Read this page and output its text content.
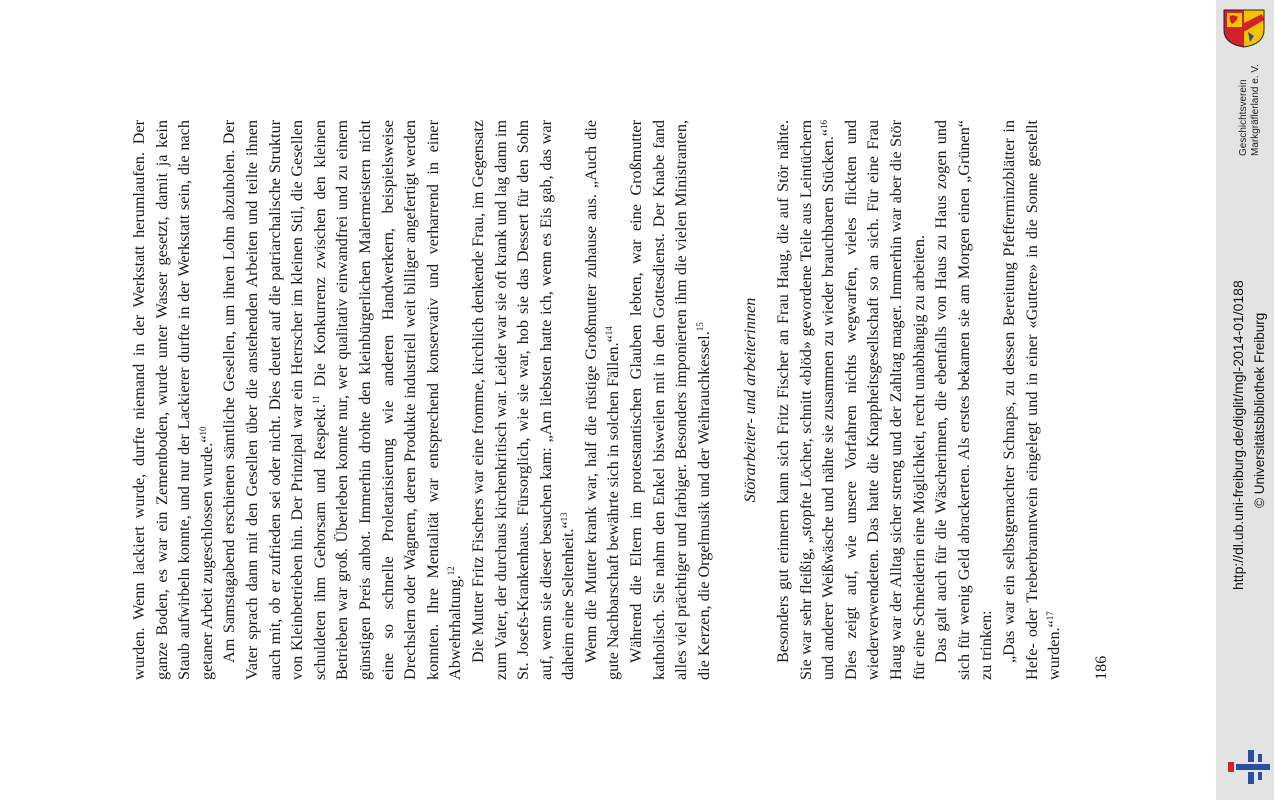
wurden. Wenn lackiert wurde, durfte niemand in der Werkstatt herumlaufen. Der ganze Boden, es war ein Zementboden, wurde unter Wasser gesetzt, damit ja kein Staub aufwirbeln konnte, und nur der Lackierer durfte in der Werkstatt sein, die nach getaner Arbeit zugeschlossen wurde.“$^{10}$ Am Samstagabend erschienen sämtliche Gesellen, um ihren Lohn abzuholen. Der Vater sprach dann mit den Gesellen über die anstehenden Arbeiten und teilte ihnen auch mit, ob er zufrieden sei oder nicht. Dies deutet auf die patriarchalische Struktur von Kleinbetrieben hin. Der Prinzipal war ein Herrscher im kleinen Stil, die Gesellen schuldeten ihm Gehorsam und Respekt.$^{11}$ Die Konkurrenz zwischen den kleinen Betrieben war groß. Überleben konnte nur, wer qualitativ einwandfrei und zu einem günstigen Preis anbot. Immerhin drohte den kleinbürgerlichen Malermeistern nicht eine so schnelle Proletarisierung wie anderen Handwerkern, beispielsweise Drechslern oder Wagnern, deren Produkte industriell weit billiger angefertigt werden konnten. Ihre Mentalität war entsprechend konservativ und verharrend in einer Abwehrhaltung.$^{12}$ Die Mutter Fritz Fischers war eine fromme, kirchlich denkende Frau, im Gegensatz zum Vater, der durchaus kirchenkritisch war. Leider war sie oft krank und lag dann im St. Josefs-Krankenhaus. Fürsorglich, wie sie war, hob sie das Dessert für den Sohn auf, wenn sie dieser besuchen kam: „Am liebsten hatte ich, wenn es Eis gab, das war daheim eine Seltenheit.“$^{13}$ Wenn die Mutter krank war, half die rüstige Großmutter zuhause aus. „Auch die gute Nachbarschaft bewährte sich in solchen Fällen.“$^{14}$ Während die Eltern im protestantischen Glauben lebten, war eine Großmutter katholisch. Sie nahm den Enkel bisweilen mit in den Gottesdienst. Der Knabe fand alles viel prächtiger und farbiger. Besonders imponierten ihm die vielen Ministranten, die Kerzen, die Orgelmusik und der Weihrauchkessel.$^{15}$	Störarbeiter- und arbeiterinnen Besonders gut erinnern kann sich Fritz Fischer an Frau Haug, die auf Stör nähte. Sie war sehr fleißig, „stopfte Löcher, schnitt «blöd» gewordene Teile aus Leintüchern und anderer Weißwäsche und nähte sie zusammen zu wieder brauchbaren Stücken.“$^{16}$ Dies zeigt auf, wie unsere Vorfahren nichts wegwarfen, vieles flickten und wiederverwendeten. Das hatte die Knappheitsgesellschaft so an sich. Für eine Frau Haug war der Alltag sicher streng und der Zahltag mager. Immerhin war aber die Stör für eine Schneiderin eine Möglichkeit, recht unabhängig zu arbeiten. Das galt auch für die Wäscherinnen, die ebenfalls von Haus zu Haus zogen und sich für wenig Geld abrackerten. Als erstes bekamen sie am Morgen einen „Grünen“ zu trinken: „Das war ein selbstgemachter Schnaps, zu dessen Bereitung Pfefferminzblätter in Hefe- oder Treberbranntwein eingelegt und in einer «Guttere» in die Sonne gestellt wurden.“$^{17}$

186
Geschichtsverein Markgräflerland e. V.
http://dl.ub.uni-freiburg.de/diglit/mgl-2014-01/0188 © Universitätsbibliothek Freiburg
